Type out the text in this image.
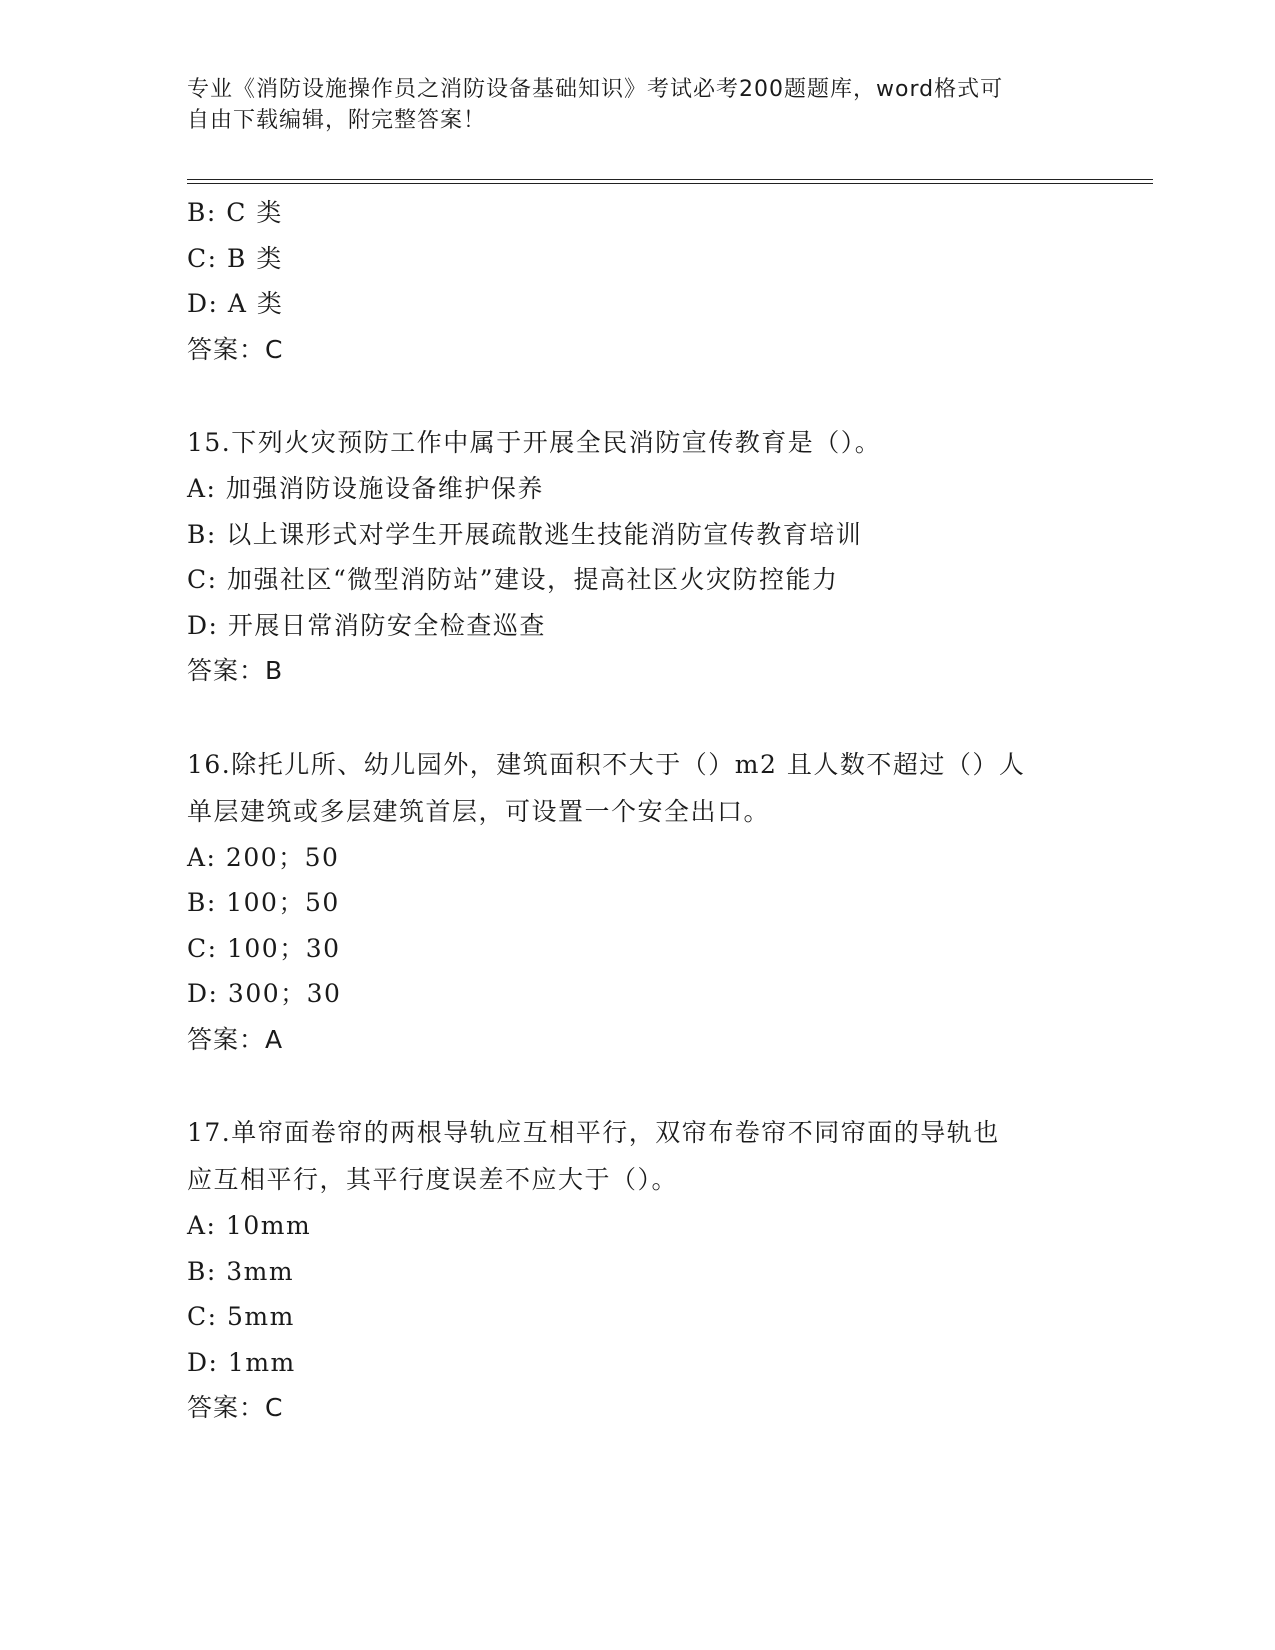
专业《消防设施操作员之消防设备基础知识》考试必考200题题库，word格式可
自由下载编辑，附完整答案！
B: C 类
C: B 类
D: A 类
答案：C
15.下列火灾预防工作中属于开展全民消防宣传教育是（）。
A: 加强消防设施设备维护保养
B: 以上课形式对学生开展疏散逃生技能消防宣传教育培训
C: 加强社区“微型消防站”建设，提高社区火灾防控能力
D: 开展日常消防安全检查巡查
答案：B
16.除托儿所、幼儿园外，建筑面积不大于（）m2 且人数不超过（）人
单层建筑或多层建筑首层，可设置一个安全出口。
A: 200；50
B: 100；50
C: 100；30
D: 300；30
答案：A
17.单帘面卷帘的两根导轨应互相平行，双帘布卷帘不同帘面的导轨也
应互相平行，其平行度误差不应大于（）。
A: 10mm
B: 3mm
C: 5mm
D: 1mm
答案：C
